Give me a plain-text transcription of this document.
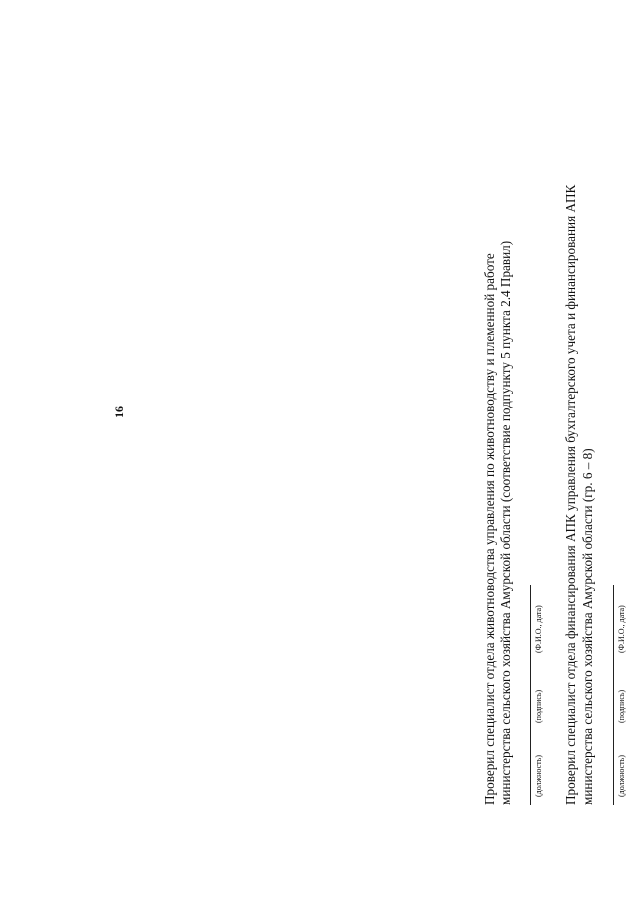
16	Проверил специалист отдела животноводства управления по животноводству и племенной работе министерства сельского хозяйства Амурской области (соответствие подпункту 5 пункта 2.4 Правил)	(должность)
(подпись)
(Ф.И.О., дата) Проверил специалист отдела финансирования АПК управления бухгалтерского учета и финансирования АПК министерства сельского хозяйства Амурской области (гр. 6 – 8)	(должность)
(подпись)
(Ф.И.О., дата)
